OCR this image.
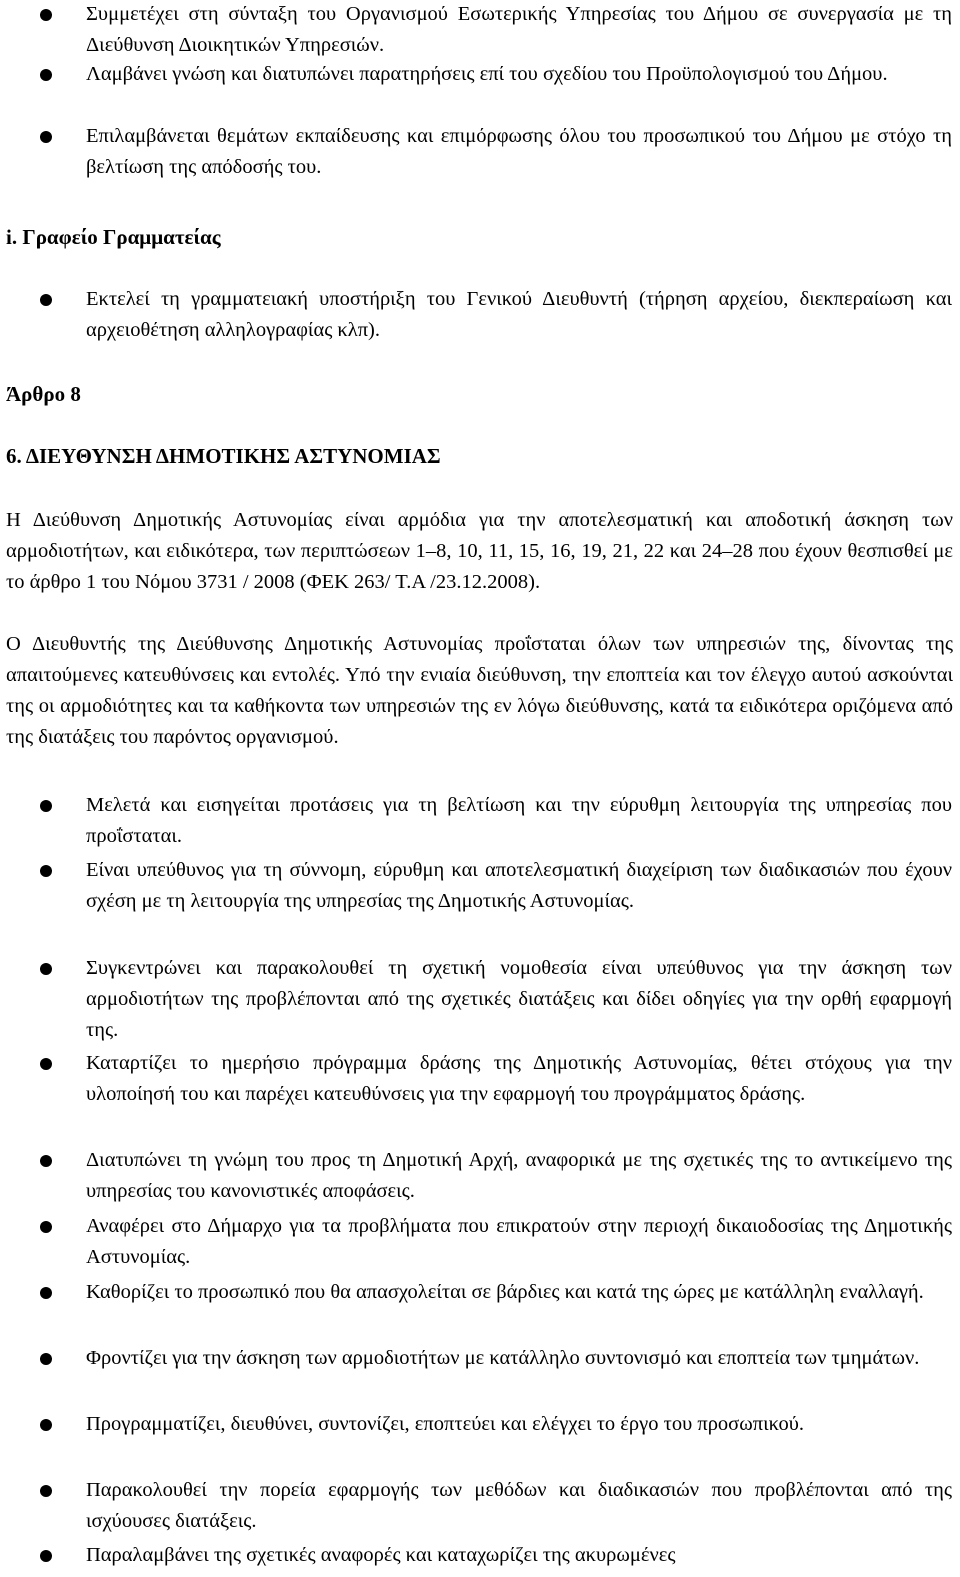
Συμμετέχει στη σύνταξη του Οργανισμού Εσωτερικής Υπηρεσίας του Δήμου σε συνεργασία με τη Διεύθυνση Διοικητικών Υπηρεσιών.
Λαμβάνει γνώση και διατυπώνει παρατηρήσεις επί του σχεδίου του Προϋπολογισμού του Δήμου.
Επιλαμβάνεται θεμάτων εκπαίδευσης και επιμόρφωσης όλου του προσωπικού του Δήμου με στόχο τη βελτίωση της απόδοσής του.
i. Γραφείο Γραμματείας
Εκτελεί τη γραμματειακή υποστήριξη του Γενικού Διευθυντή (τήρηση αρχείου, διεκπεραίωση και αρχειοθέτηση αλληλογραφίας κλπ).
Άρθρο 8
6. ΔΙΕΥΘΥΝΣΗ ΔΗΜΟΤΙΚΗΣ ΑΣΤΥΝΟΜΙΑΣ
Η Διεύθυνση Δημοτικής Αστυνομίας είναι αρμόδια για την αποτελεσματική και αποδοτική άσκηση των αρμοδιοτήτων, και ειδικότερα, των περιπτώσεων 1–8, 10, 11, 15, 16, 19, 21, 22 και 24–28 που έχουν θεσπισθεί με το άρθρο 1 του Νόμου 3731 / 2008 (ΦΕΚ 263/ Τ.Α /23.12.2008).
Ο Διευθυντής της Διεύθυνσης Δημοτικής Αστυνομίας προΐσταται όλων των υπηρεσιών της, δίνοντας της απαιτούμενες κατευθύνσεις και εντολές. Υπό την ενιαία διεύθυνση, την εποπτεία και τον έλεγχο αυτού ασκούνται της οι αρμοδιότητες και τα καθήκοντα των υπηρεσιών της εν λόγω διεύθυνσης, κατά τα ειδικότερα οριζόμενα από της διατάξεις του παρόντος οργανισμού.
Μελετά και εισηγείται προτάσεις για τη βελτίωση και την εύρυθμη λειτουργία της υπηρεσίας που προΐσταται.
Είναι υπεύθυνος για τη σύννομη, εύρυθμη και αποτελεσματική διαχείριση των διαδικασιών που έχουν σχέση με τη λειτουργία της υπηρεσίας της Δημοτικής Αστυνομίας.
Συγκεντρώνει και παρακολουθεί τη σχετική νομοθεσία είναι υπεύθυνος για την άσκηση των αρμοδιοτήτων της προβλέπονται από της σχετικές διατάξεις και δίδει οδηγίες για την ορθή εφαρμογή της.
Καταρτίζει το ημερήσιο πρόγραμμα δράσης της Δημοτικής Αστυνομίας, θέτει στόχους για την υλοποίησή του και παρέχει κατευθύνσεις για την εφαρμογή του προγράμματος δράσης.
Διατυπώνει τη γνώμη του προς τη Δημοτική Αρχή, αναφορικά με της σχετικές της το αντικείμενο της υπηρεσίας του κανονιστικές αποφάσεις.
Αναφέρει στο Δήμαρχο για τα προβλήματα που επικρατούν στην περιοχή δικαιοδοσίας της Δημοτικής Αστυνομίας.
Καθορίζει το προσωπικό που θα απασχολείται σε βάρδιες και κατά της ώρες με κατάλληλη εναλλαγή.
Φροντίζει για την άσκηση των αρμοδιοτήτων με κατάλληλο συντονισμό και εποπτεία των τμημάτων.
Προγραμματίζει, διευθύνει, συντονίζει, εποπτεύει και ελέγχει το έργο του προσωπικού.
Παρακολουθεί την πορεία εφαρμογής των μεθόδων και διαδικασιών που προβλέπονται από της ισχύουσες διατάξεις.
Παραλαμβάνει της σχετικές αναφορές και καταχωρίζει της ακυρωμένες
